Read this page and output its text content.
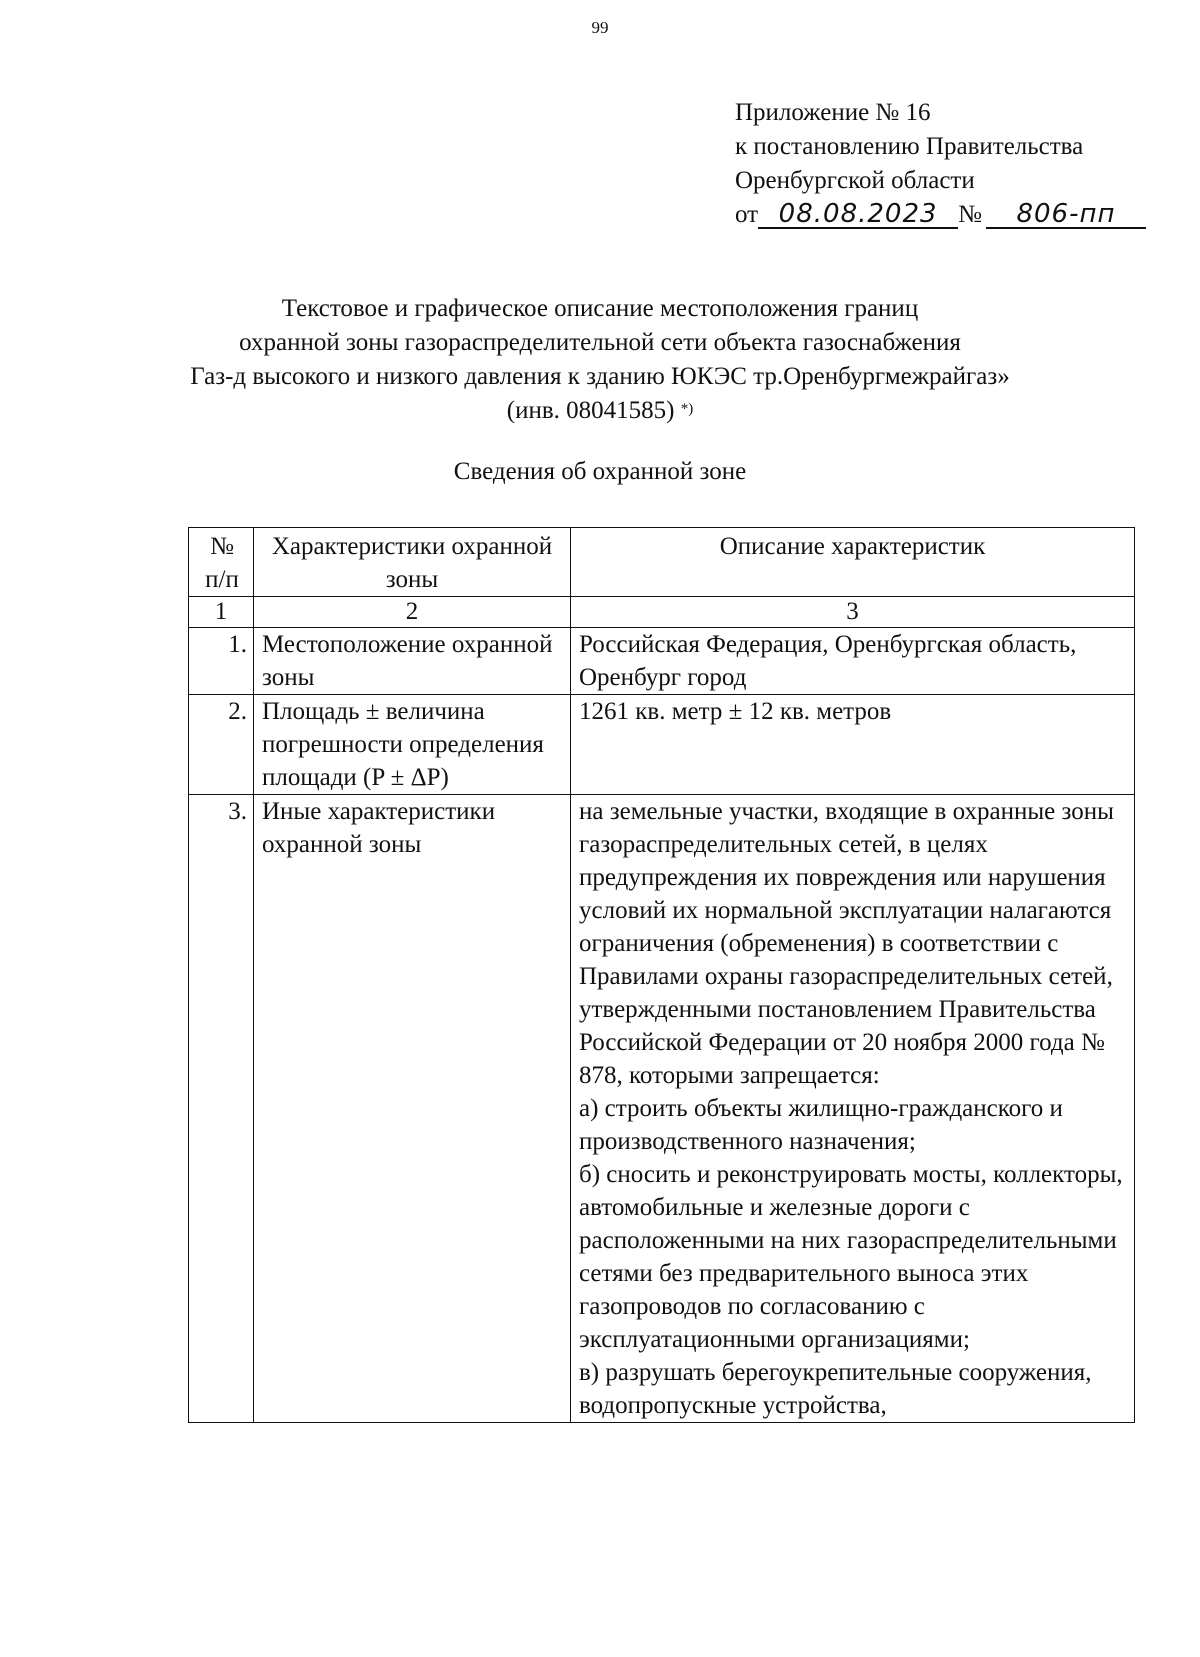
99
Приложение № 16
к постановлению Правительства
Оренбургской области
от 08.08.2023 № 806-пп
Текстовое и графическое описание местоположения границ
охранной зоны газораспределительной сети объекта газоснабжения
Газ-д высокого и низкого давления к зданию ЮКЭС тр.Оренбургмежрайгаз»
(инв. 08041585) *)
Сведения об охранной зоне
№ п/п	Характеристики охранной зоны	Описание характеристик
1	2	3
1.	Местоположение охранной зоны	Российская Федерация, Оренбургская область, Оренбург город

2.	Площадь ± величина погрешности определения площади (P ± ΔP)	1261 кв. метр ± 12 кв. метров

3.	Иные характеристики охранной зоны	на земельные участки, входящие в охранные зоны газораспределительных сетей, в целях предупреждения их повреждения или нарушения условий их нормальной эксплуатации налагаются ограничения (обременения) в соответствии с Правилами охраны газораспределительных сетей, утвержденными постановлением Правительства Российской Федерации от 20 ноября 2000 года № 878, которыми запрещается:
а) строить объекты жилищно-гражданского и производственного назначения;
б) сносить и реконструировать мосты, коллекторы, автомобильные и железные дороги с расположенными на них газораспределительными сетями без предварительного выноса этих газопроводов по согласованию с эксплуатационными организациями;
в) разрушать берегоукрепительные сооружения, водопропускные устройства,
